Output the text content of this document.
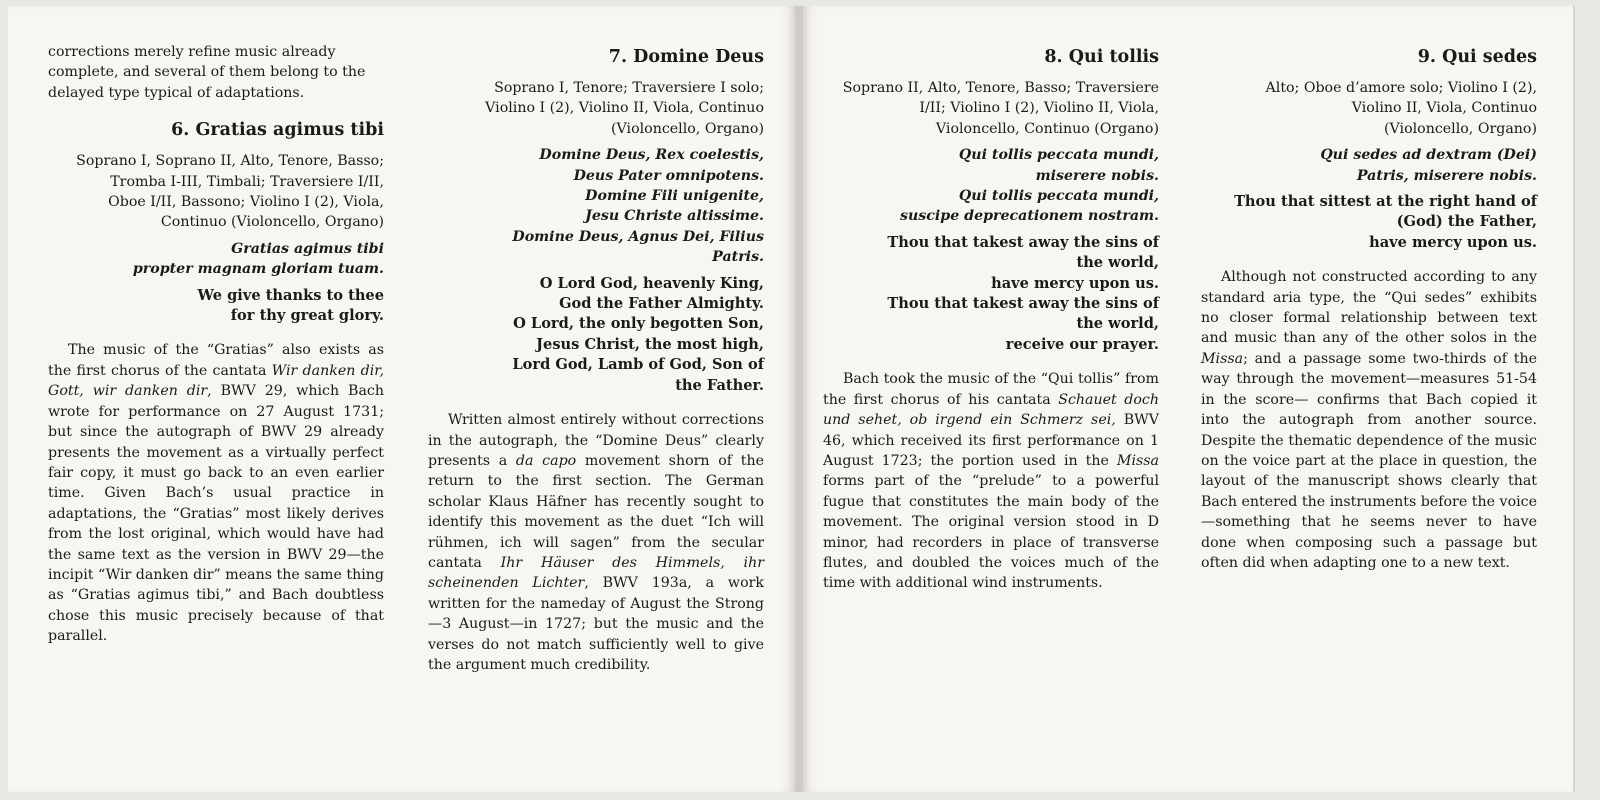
corrections merely refine music already
complete, and several of them belong to the
delayed type typical of adaptations.

6. Gratias agimus tibi
Soprano I, Soprano II, Alto, Tenore, Basso;
Tromba I-III, Timbali; Traversiere I/II,
Oboe I/II, Bassono; Violino I (2), Viola,
Continuo (Violoncello, Organo)
Gratias agimus tibi
propter magnam gloriam tuam.
We give thanks to thee
for thy great glory.

The music of the “Gratias” also exists as the first chorus of the cantata Wir danken dir, Gott, wir danken dir, BWV 29, which Bach wrote for performance on 27 August 1731; but since the autograph of BWV 29 already presents the movement as a vir-tually perfect fair copy, it must go back to an even earlier time. Given Bach’s usual practice in adaptations, the “Gratias” most likely derives from the lost original, which would have had the same text as the version in BWV 29—the incipit “Wir danken dir” means the same thing as “Gratias agimus tibi,” and Bach doubtless chose this music precisely because of that parallel.

7. Domine Deus
Soprano I, Tenore; Traversiere I solo;
Violino I (2), Violino II, Viola, Continuo
(Violoncello, Organo)
Domine Deus, Rex coelestis,
Deus Pater omnipotens.
Domine Fili unigenite,
Jesu Christe altissime.
Domine Deus, Agnus Dei, Filius
Patris.
O Lord God, heavenly King,
God the Father Almighty.
O Lord, the only begotten Son,
Jesus Christ, the most high,
Lord God, Lamb of God, Son of
the Father.

Written almost entirely without correc-tions in the autograph, the “Domine Deus” clearly presents a da capo movement shorn of the return to the first section. The Ger-man scholar Klaus Häfner has recently sought to identify this movement as the duet “Ich will rühmen, ich will sagen” from the secular cantata Ihr Häuser des Him-mels, ihr scheinenden Lichter, BWV 193a, a work written for the nameday of August the Strong—3 August—in 1727; but the music and the verses do not match sufficiently well to give the argument much credibility.

8. Qui tollis
Soprano II, Alto, Tenore, Basso; Traversiere
I/II; Violino I (2), Violino II, Viola,
Violoncello, Continuo (Organo)
Qui tollis peccata mundi,
miserere nobis.
Qui tollis peccata mundi,
suscipe deprecationem nostram.
Thou that takest away the sins of
the world,
have mercy upon us.
Thou that takest away the sins of
the world,
receive our prayer.

Bach took the music of the “Qui tollis” from the first chorus of his cantata Schauet doch und sehet, ob irgend ein Schmerz sei, BWV 46, which received its first perfor-mance on 1 August 1723; the portion used in the Missa forms part of the “prelude” to a powerful fugue that constitutes the main body of the movement. The original version stood in D minor, had recorders in place of transverse flutes, and doubled the voices much of the time with additional wind instruments.

9. Qui sedes
Alto; Oboe d’amore solo; Violino I (2),
Violino II, Viola, Continuo
(Violoncello, Organo)
Qui sedes ad dextram (Dei)
Patris, miserere nobis.
Thou that sittest at the right hand of
(God) the Father,
have mercy upon us.

Although not constructed according to any standard aria type, the “Qui sedes” exhibits no closer formal relationship between text and music than any of the other solos in the Missa; and a passage some two-thirds of the way through the movement—measures 51-54 in the score— confirms that Bach copied it into the auto-graph from another source. Despite the thematic dependence of the music on the voice part at the place in question, the layout of the manuscript shows clearly that Bach entered the instruments before the voice—something that he seems never to have done when composing such a passage but often did when adapting one to a new text.
